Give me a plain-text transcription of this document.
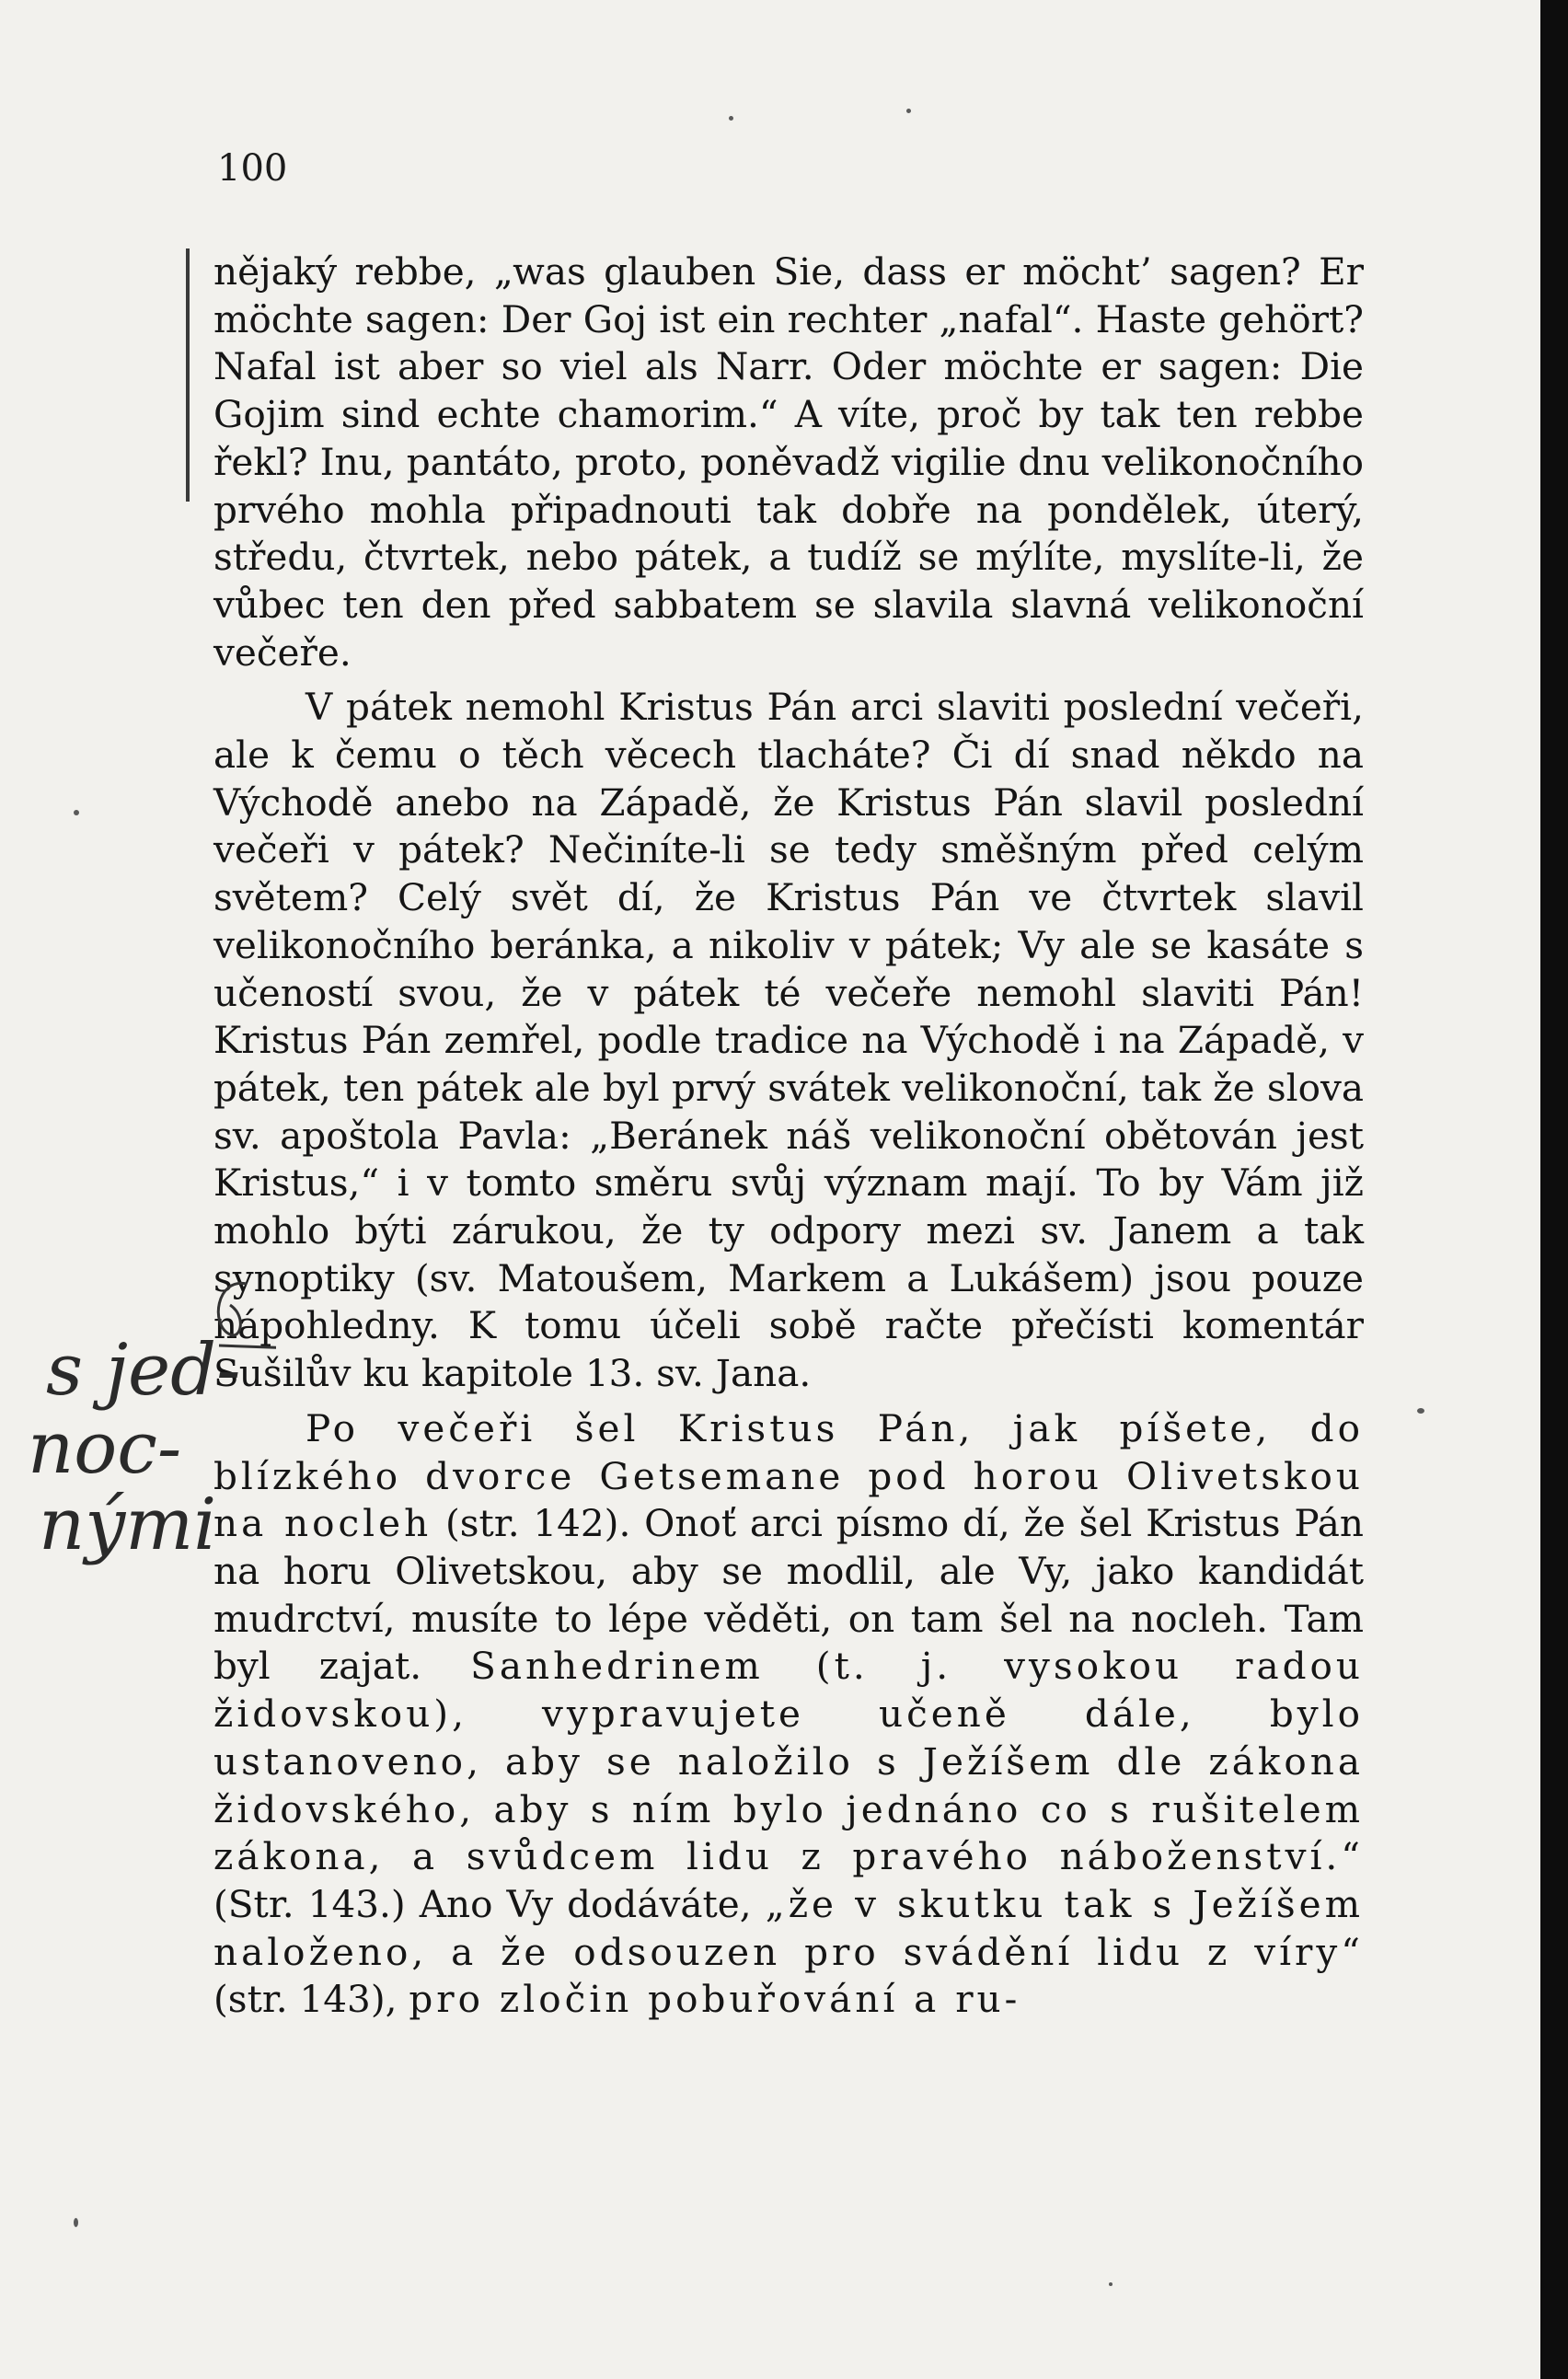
100

nějaký rebbe, „was glauben Sie, dass er möcht’ sagen? Er möchte sagen: Der Goj ist ein rechter „nafal“. Haste gehört? Nafal ist aber so viel als Narr. Oder möchte er sagen: Die Gojim sind echte chamorim.“ A víte, proč by tak ten rebbe řekl? Inu, pantáto, proto, poněvadž vigilie dnu velikonočního prvého mohla připadnouti tak dobře na pondělek, úterý, středu, čtvrtek, nebo pátek, a tudíž se mýlíte, myslíte-li, že vůbec ten den před sabbatem se slavila slavná velikonoční večeře.

V pátek nemohl Kristus Pán arci slaviti poslední večeři, ale k čemu o těch věcech tlacháte? Či dí snad někdo na Východě anebo na Západě, že Kristus Pán slavil poslední večeři v pátek? Nečiníte-li se tedy směšným před celým světem? Celý svět dí, že Kristus Pán ve čtvrtek slavil velikonočního beránka, a nikoliv v pátek; Vy ale se kasáte s učeností svou, že v pátek té večeře nemohl slaviti Pán! Kristus Pán zemřel, podle tradice na Východě i na Západě, v pátek, ten pátek ale byl prvý svátek velikonoční, tak že slova sv. apoštola Pavla: „Beránek náš velikonoční obětován jest Kristus,“ i v tomto směru svůj význam mají. To by Vám již mohlo býti zárukou, že ty odpory mezi sv. Janem a tak synoptiky (sv. Matoušem, Markem a Lukášem) jsou pouze nápohledny. K tomu účeli sobě račte přečísti komentár Sušilův ku kapitole 13. sv. Jana.

Po večeři šel Kristus Pán, jak píšete, do blízkého dvorce Getsemane pod horou Olivetskou na nocleh (str. 142). Onoť arci písmo dí, že šel Kristus Pán na horu Olivetskou, aby se modlil, ale Vy, jako kandidát mudrctví, musíte to lépe věděti, on tam šel na nocleh. Tam byl zajat. Sanhedrinem (t. j. vysokou radou židovskou), vypravujete učeně dále, bylo ustanoveno, aby se naložilo s Ježíšem dle zákona židovského, aby s ním bylo jednáno co s rušitelem zákona, a svůdcem lidu z pravého náboženství.“ (Str. 143.) Ano Vy dodáváte, „že v skutku tak s Ježíšem naloženo, a že odsouzen pro svádění lidu z víry“ (str. 143), pro zločin pobuřování a ru-

s jed-
noc-
nými
